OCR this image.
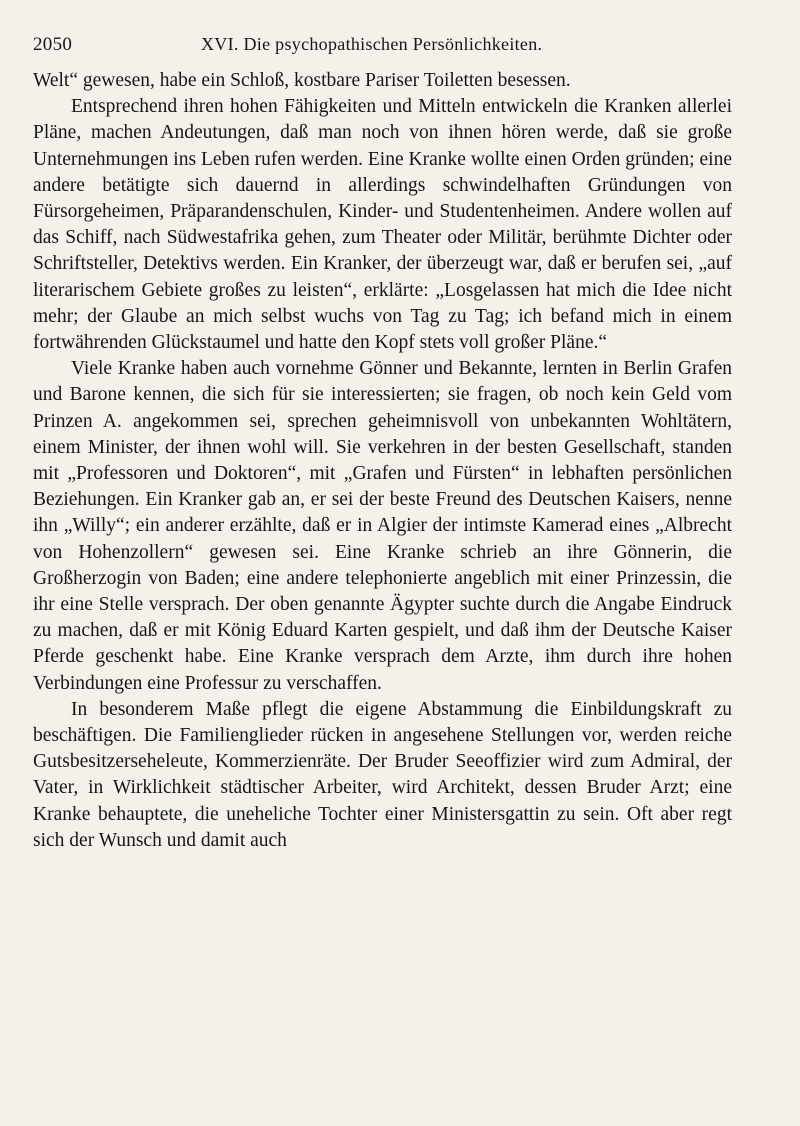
2050	XVI. Die psychopathischen Persönlichkeiten.

Welt“ gewesen, habe ein Schloß, kostbare Pariser Toiletten besessen.

Entsprechend ihren hohen Fähigkeiten und Mitteln entwickeln die Kranken allerlei Pläne, machen Andeutungen, daß man noch von ihnen hören werde, daß sie große Unternehmungen ins Leben rufen werden. Eine Kranke wollte einen Orden gründen; eine andere betätigte sich dauernd in allerdings schwindelhaften Gründungen von Fürsorgeheimen, Präparandenschulen, Kinder- und Studentenheimen. Andere wollen auf das Schiff, nach Südwestafrika gehen, zum Theater oder Militär, berühmte Dichter oder Schriftsteller, Detektivs werden. Ein Kranker, der überzeugt war, daß er berufen sei, „auf literarischem Gebiete großes zu leisten“, erklärte: „Losgelassen hat mich die Idee nicht mehr; der Glaube an mich selbst wuchs von Tag zu Tag; ich befand mich in einem fortwährenden Glückstaumel und hatte den Kopf stets voll großer Pläne.“

Viele Kranke haben auch vornehme Gönner und Bekannte, lernten in Berlin Grafen und Barone kennen, die sich für sie interessierten; sie fragen, ob noch kein Geld vom Prinzen A. angekommen sei, sprechen geheimnisvoll von unbekannten Wohltätern, einem Minister, der ihnen wohl will. Sie verkehren in der besten Gesellschaft, standen mit „Professoren und Doktoren“, mit „Grafen und Fürsten“ in lebhaften persönlichen Beziehungen. Ein Kranker gab an, er sei der beste Freund des Deutschen Kaisers, nenne ihn „Willy“; ein anderer erzählte, daß er in Algier der intimste Kamerad eines „Albrecht von Hohenzollern“ gewesen sei. Eine Kranke schrieb an ihre Gönnerin, die Großherzogin von Baden; eine andere telephonierte angeblich mit einer Prinzessin, die ihr eine Stelle versprach. Der oben genannte Ägypter suchte durch die Angabe Eindruck zu machen, daß er mit König Eduard Karten gespielt, und daß ihm der Deutsche Kaiser Pferde geschenkt habe. Eine Kranke versprach dem Arzte, ihm durch ihre hohen Verbindungen eine Professur zu verschaffen.

In besonderem Maße pflegt die eigene Abstammung die Einbildungskraft zu beschäftigen. Die Familienglieder rücken in angesehene Stellungen vor, werden reiche Gutsbesitzerseheleute, Kommerzienräte. Der Bruder Seeoffizier wird zum Admiral, der Vater, in Wirklichkeit städtischer Arbeiter, wird Architekt, dessen Bruder Arzt; eine Kranke behauptete, die uneheliche Tochter einer Ministersgattin zu sein. Oft aber regt sich der Wunsch und damit auch
